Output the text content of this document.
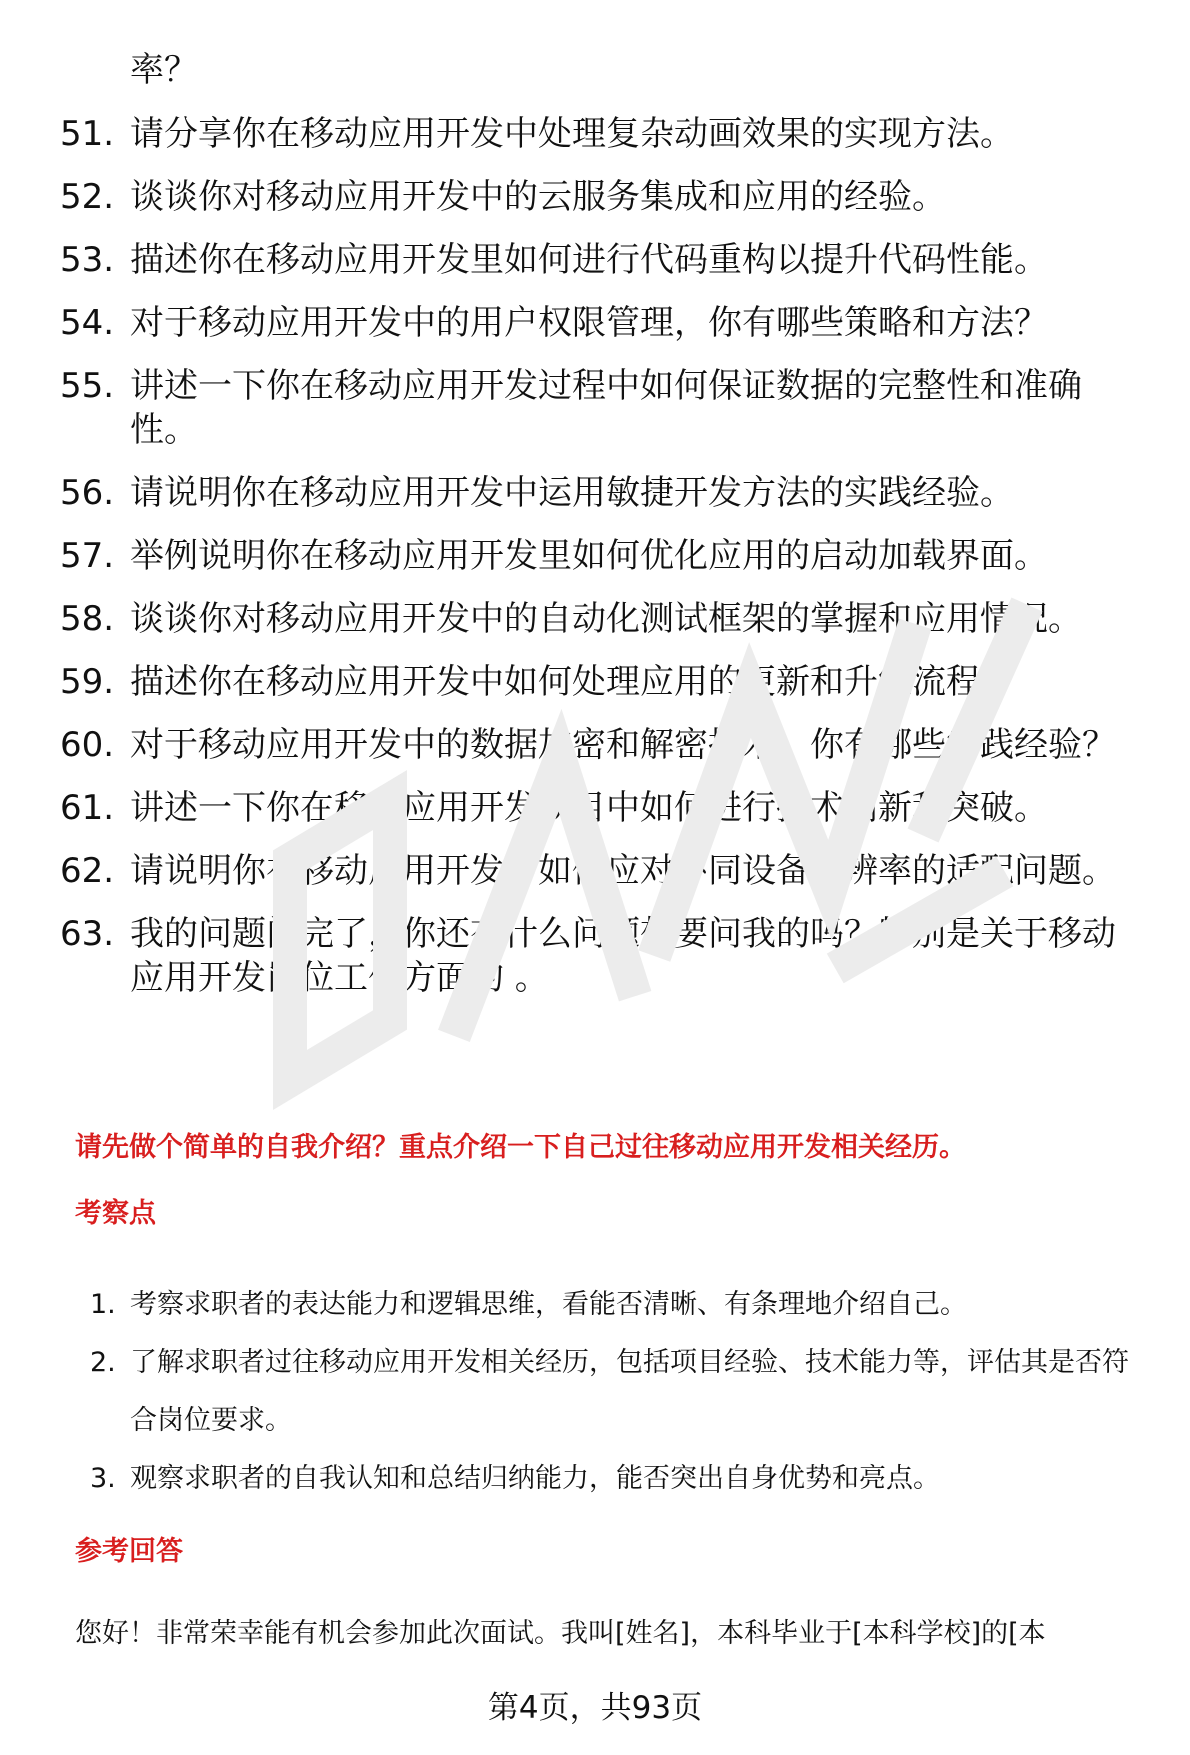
率？

51. 请分享你在移动应用开发中处理复杂动画效果的实现方法。
52. 谈谈你对移动应用开发中的云服务集成和应用的经验。
53. 描述你在移动应用开发里如何进行代码重构以提升代码性能。
54. 对于移动应用开发中的用户权限管理，你有哪些策略和方法？
55. 讲述一下你在移动应用开发过程中如何保证数据的完整性和准确性。
56. 请说明你在移动应用开发中运用敏捷开发方法的实践经验。
57. 举例说明你在移动应用开发里如何优化应用的启动加载界面。
58. 谈谈你对移动应用开发中的自动化测试框架的掌握和应用情况。
59. 描述你在移动应用开发中如何处理应用的更新和升级流程。
60. 对于移动应用开发中的数据加密和解密技术，你有哪些实践经验？
61. 讲述一下你在移动应用开发项目中如何进行技术创新和突破。
62. 请说明你在移动应用开发中如何应对不同设备分辨率的适配问题。
63. 我的问题问完了，你还有什么问题想要问我的吗？特别是关于移动应用开发岗位工作方面的 。
请先做个简单的自我介绍？重点介绍一下自己过往移动应用开发相关经历。
考察点
1. 考察求职者的表达能力和逻辑思维，看能否清晰、有条理地介绍自己。
2. 了解求职者过往移动应用开发相关经历，包括项目经验、技术能力等，评估其是否符合岗位要求。
3. 观察求职者的自我认知和总结归纳能力，能否突出自身优势和亮点。
参考回答

您好！非常荣幸能有机会参加此次面试。我叫[姓名]，本科毕业于[本科学校]的[本

第4页，共93页
